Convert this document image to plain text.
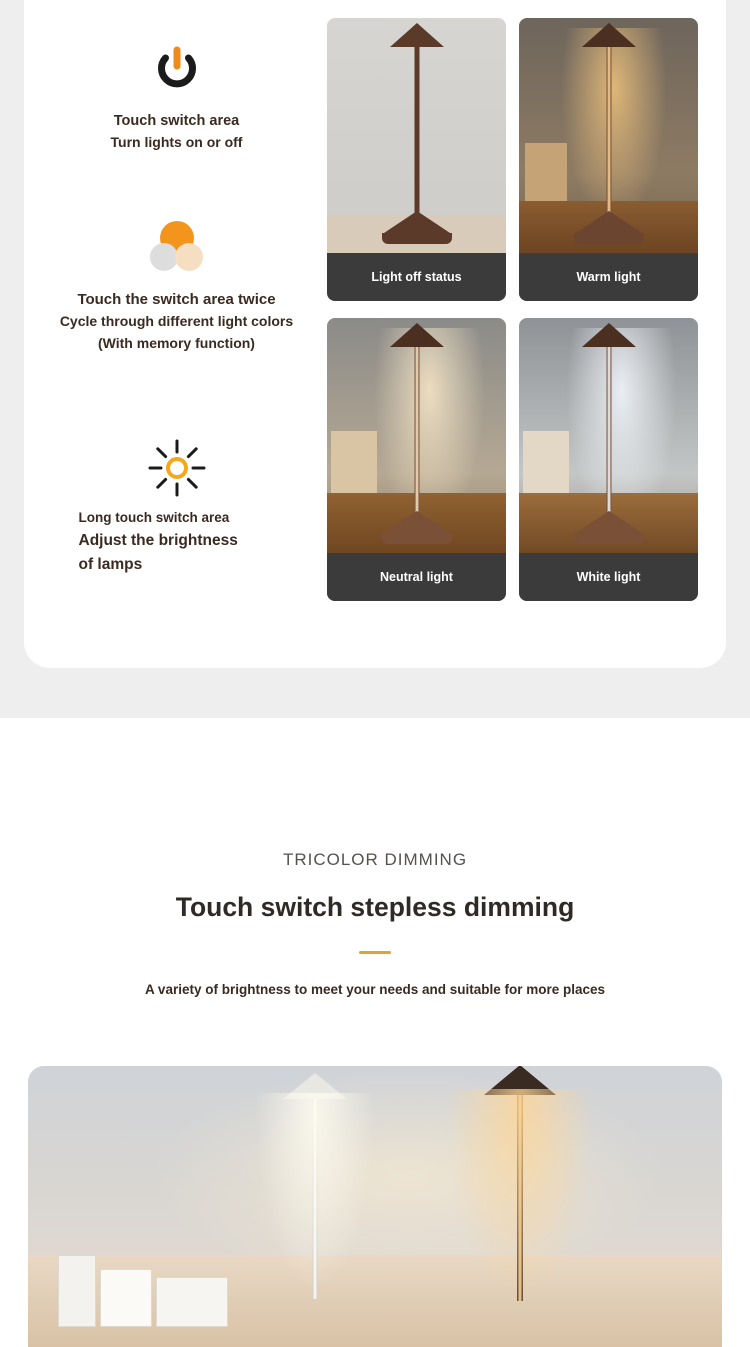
Touch switch area
Turn lights on or off
Touch the switch area twice
Cycle through different light colors
(With memory function)
Long touch switch area
Adjust the brightness
of lamps
Light off status	Warm light
Neutral light	White light
TRICOLOR DIMMING
Touch switch stepless dimming
A variety of brightness to meet your needs and suitable for more places
